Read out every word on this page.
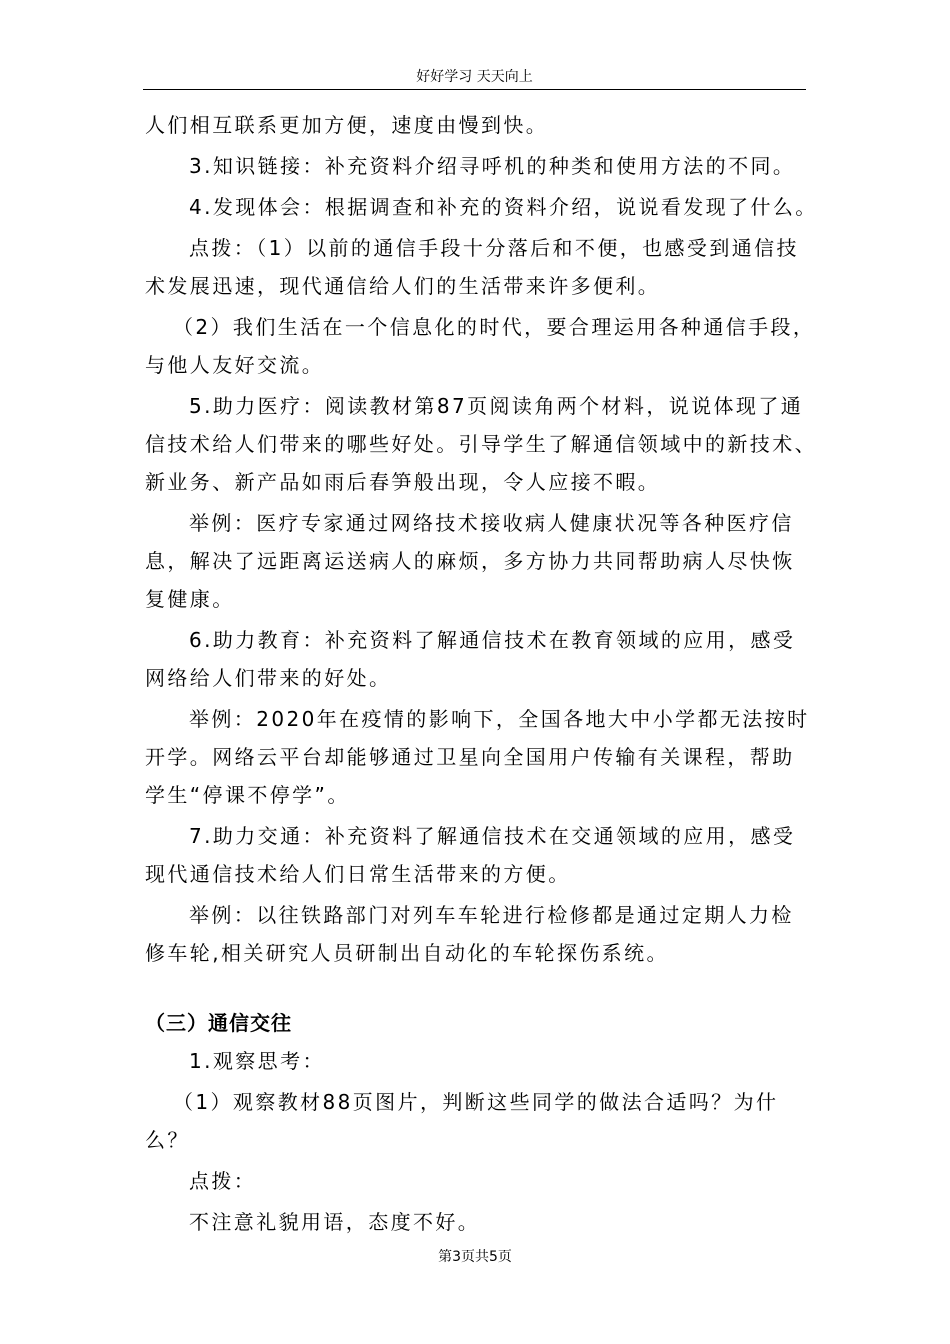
好好学习 天天向上
人们相互联系更加方便，速度由慢到快。
3.知识链接：补充资料介绍寻呼机的种类和使用方法的不同。
4.发现体会：根据调查和补充的资料介绍，说说看发现了什么。
点拨：（1）以前的通信手段十分落后和不便，也感受到通信技
术发展迅速，现代通信给人们的生活带来许多便利。
（2）我们生活在一个信息化的时代，要合理运用各种通信手段，
与他人友好交流。
5.助力医疗：阅读教材第87页阅读角两个材料，说说体现了通
信技术给人们带来的哪些好处。引导学生了解通信领域中的新技术、
新业务、新产品如雨后春笋般出现，令人应接不暇。
举例：医疗专家通过网络技术接收病人健康状况等各种医疗信
息，解决了远距离运送病人的麻烦，多方协力共同帮助病人尽快恢
复健康。
6.助力教育：补充资料了解通信技术在教育领域的应用，感受
网络给人们带来的好处。
举例：2020年在疫情的影响下，全国各地大中小学都无法按时
开学。网络云平台却能够通过卫星向全国用户传输有关课程，帮助
学生“停课不停学”。
7.助力交通：补充资料了解通信技术在交通领域的应用，感受
现代通信技术给人们日常生活带来的方便。
举例：以往铁路部门对列车车轮进行检修都是通过定期人力检
修车轮,相关研究人员研制出自动化的车轮探伤系统。
（三）通信交往
1.观察思考：
（1）观察教材88页图片，判断这些同学的做法合适吗？为什
么？
点拨：
不注意礼貌用语，态度不好。
第3页共5页
